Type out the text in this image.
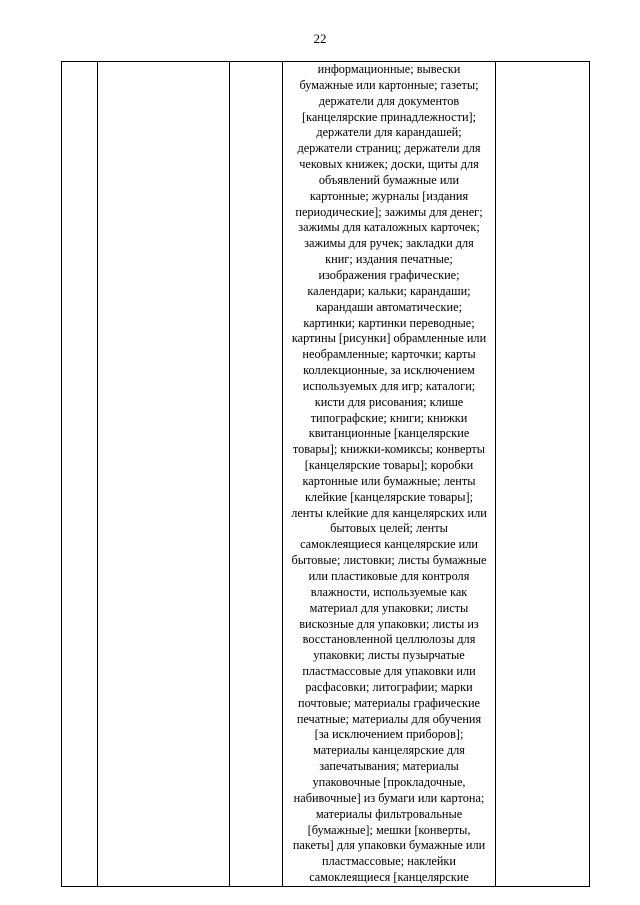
22

информационные; вывески
бумажные или картонные; газеты;
держатели для документов
[канцелярские принадлежности];
держатели для карандашей;
держатели страниц; держатели для
чековых книжек; доски, щиты для
объявлений бумажные или
картонные; журналы [издания
периодические]; зажимы для денег;
зажимы для каталожных карточек;
зажимы для ручек; закладки для
книг; издания печатные;
изображения графические;
календари; кальки; карандаши;
карандаши автоматические;
картинки; картинки переводные;
картины [рисунки] обрамленные или
необрамленные; карточки; карты
коллекционные, за исключением
используемых для игр; каталоги;
кисти для рисования; клише
типографские; книги; книжки
квитанционные [канцелярские
товары]; книжки-комиксы; конверты
[канцелярские товары]; коробки
картонные или бумажные; ленты
клейкие [канцелярские товары];
ленты клейкие для канцелярских или
бытовых целей; ленты
самоклеящиеся канцелярские или
бытовые; листовки; листы бумажные
или пластиковые для контроля
влажности, используемые как
материал для упаковки; листы
вискозные для упаковки; листы из
восстановленной целлюлозы для
упаковки; листы пузырчатые
пластмассовые для упаковки или
расфасовки; литографии; марки
почтовые; материалы графические
печатные; материалы для обучения
[за исключением приборов];
материалы канцелярские для
запечатывания; материалы
упаковочные [прокладочные,
набивочные] из бумаги или картона;
материалы фильтровальные
[бумажные]; мешки [конверты,
пакеты] для упаковки бумажные или
пластмассовые; наклейки
самоклеящиеся [канцелярские
